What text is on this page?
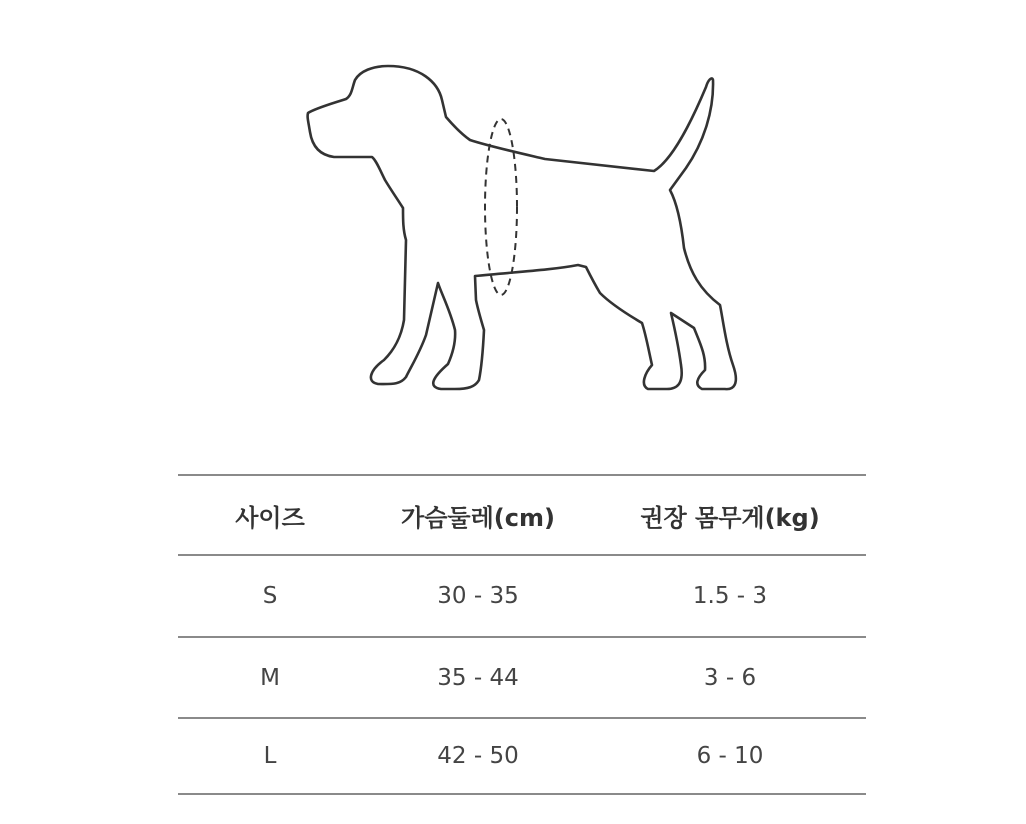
사이즈	가슴둘레(cm)	권장 몸무게(kg)
S	30 - 35	1.5 - 3
M	35 - 44	3 - 6
L	42 - 50	6 - 10
